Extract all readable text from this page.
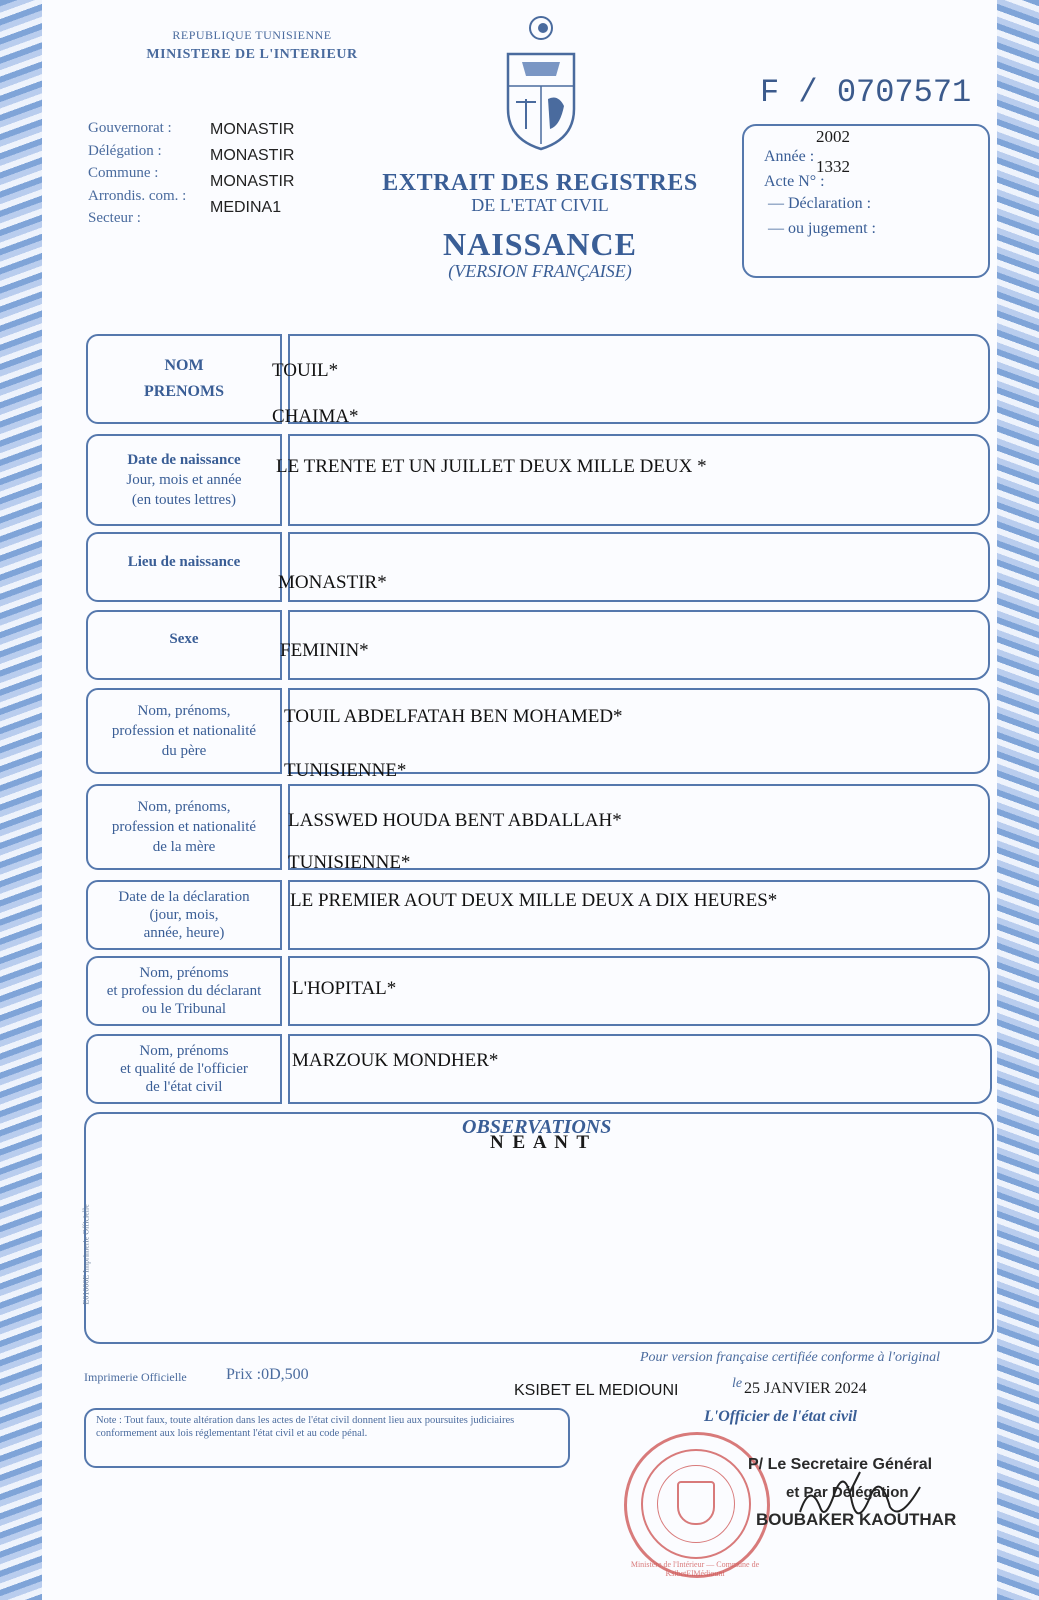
REPUBLIQUE TUNISIENNE
MINISTERE DE L'INTERIEUR
F / 0707571
Gouvernorat :
Délégation :
Commune :
Arrondis. com. :
Secteur :
MONASTIR
MONASTIR
MONASTIR
MEDINA1
EXTRAIT DES REGISTRES
DE L'ETAT CIVIL
NAISSANCE
(VERSION FRANÇAISE)
Année :
2002
Acte N° :
1332
— Déclaration :
— ou jugement :
NOM
PRENOMS
TOUIL*
CHAIMA*
Date de naissance
Jour, mois et année
(en toutes lettres)
LE TRENTE ET UN JUILLET DEUX MILLE DEUX *
Lieu de naissance
MONASTIR*
Sexe
FEMININ*
Nom, prénoms,
profession et nationalité
du père
TOUIL ABDELFATAH BEN MOHAMED*
TUNISIENNE*
Nom, prénoms,
profession et nationalité
de la mère
LASSWED HOUDA BENT ABDALLAH*
TUNISIENNE*
Date de la déclaration
(jour, mois,
année, heure)
LE PREMIER AOUT DEUX MILLE DEUX A DIX HEURES*
Nom, prénoms
et profession du déclarant
ou le Tribunal
L'HOPITAL*
Nom, prénoms
et qualité de l'officier
de l'état civil
MARZOUK MONDHER*
OBSERVATIONS
N E A N T
E01000E Imprimerie Officielle
Imprimerie Officielle Prix :0D,500
Pour version française certifiée conforme à l'original
KSIBET EL MEDIOUNI	le 25 JANVIER 2024
L'Officier de l'état civil
Note : Tout faux, toute altération dans les actes de l'état civil donnent lieu aux poursuites judiciaires conformement aux lois réglementant l'état civil et au code pénal.
Ministère de l'Intérieur — Commune de KsibetElMédiouni
P/ Le Secretaire Général
et Par Délégation
BOUBAKER KAOUTHAR
